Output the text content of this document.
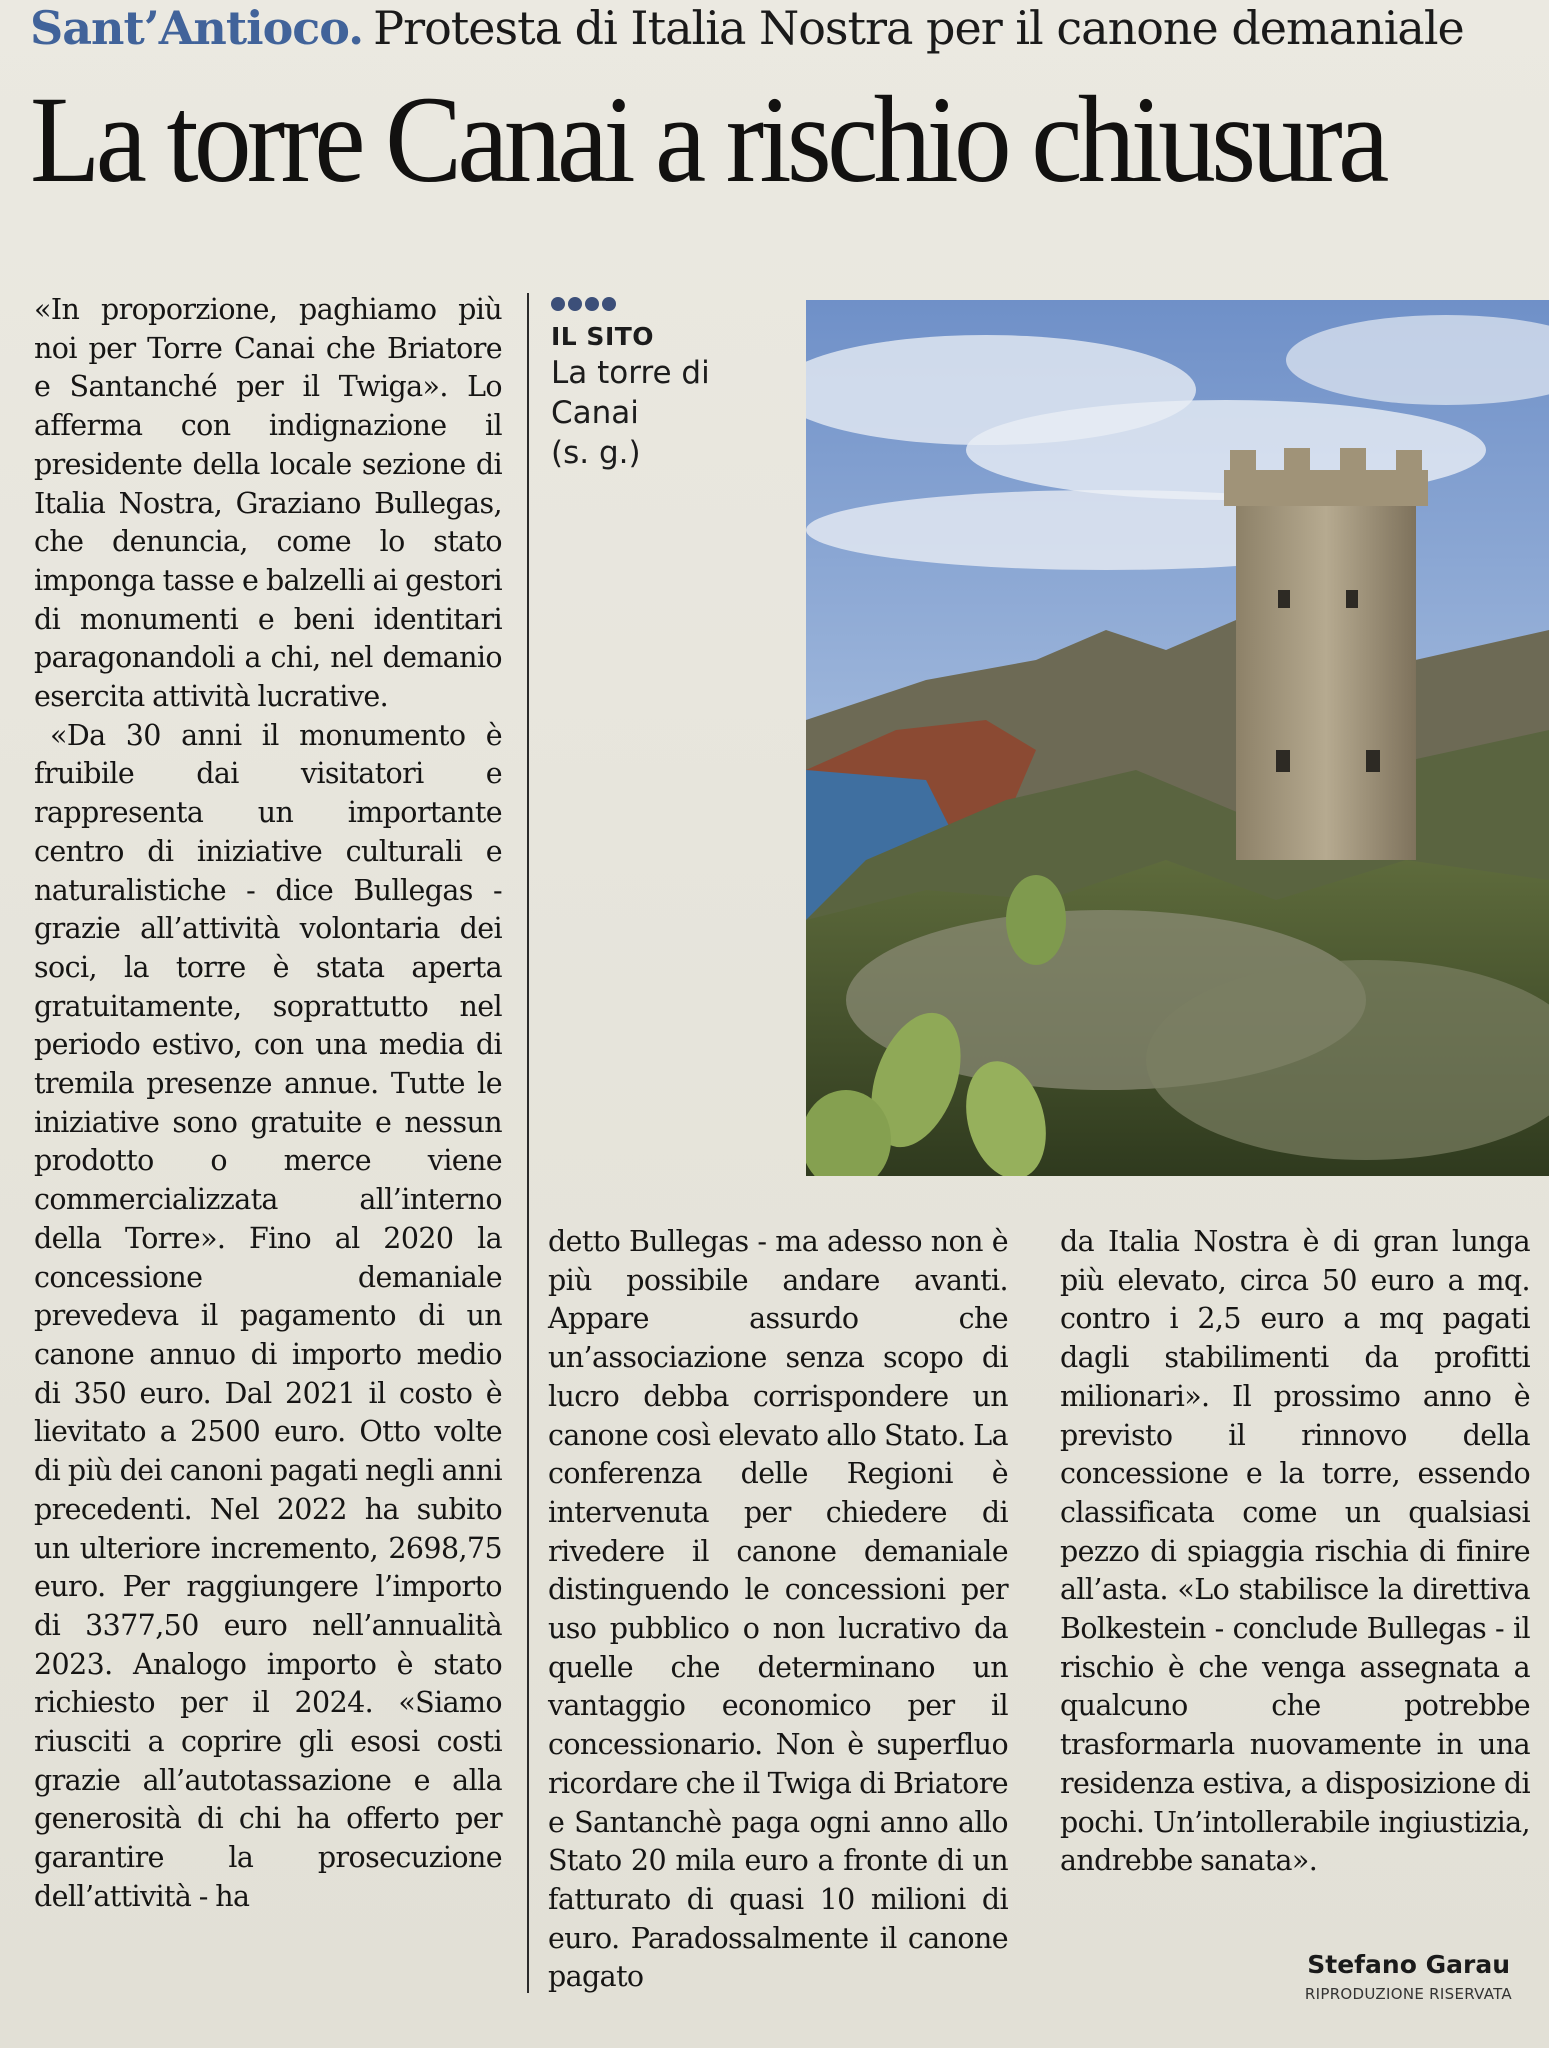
Sant’Antioco. Protesta di Italia Nostra per il canone demaniale
La torre Canai a rischio chiusura

«In proporzione, paghiamo più noi per Torre Canai che Briatore e Santanché per il Twiga». Lo afferma con indignazione il presidente della locale sezione di Italia Nostra, Graziano Bullegas, che denuncia, come lo stato imponga tasse e balzelli ai gestori di monumenti e beni identitari paragonandoli a chi, nel demanio esercita attività lucrative.

«Da 30 anni il monumento è fruibile dai visitatori e rappresenta un importante centro di iniziative culturali e naturalistiche - dice Bullegas - grazie all’attività volontaria dei soci, la torre è stata aperta gratuitamente, soprattutto nel periodo estivo, con una media di tremila presenze annue. Tutte le iniziative sono gratuite e nessun prodotto o merce viene commercializzata all’interno della Torre». Fino al 2020 la concessione demaniale prevedeva il pagamento di un canone annuo di importo medio di 350 euro. Dal 2021 il costo è lievitato a 2500 euro. Otto volte di più dei canoni pagati negli anni precedenti. Nel 2022 ha subito un ulteriore incremento, 2698,75 euro. Per raggiungere l’importo di 3377,50 euro nell’annualità 2023. Analogo importo è stato richiesto per il 2024. «Siamo riusciti a coprire gli esosi costi grazie all’autotassazione e alla generosità di chi ha offerto per garantire la prosecuzione dell’attività - ha

IL SITO
La torre di
Canai
(s. g.)

detto Bullegas - ma adesso non è più possibile andare avanti. Appare assurdo che un’associazione senza scopo di lucro debba corrispondere un canone così elevato allo Stato. La conferenza delle Regioni è intervenuta per chiedere di rivedere il canone demaniale distinguendo le concessioni per uso pubblico o non lucrativo da quelle che determinano un vantaggio economico per il concessionario. Non è superfluo ricordare che il Twiga di Briatore e Santanchè paga ogni anno allo Stato 20 mila euro a fronte di un fatturato di quasi 10 milioni di euro. Paradossalmente il canone pagato

da Italia Nostra è di gran lunga più elevato, circa 50 euro a mq. contro i 2,5 euro a mq pagati dagli stabilimenti da profitti milionari». Il prossimo anno è previsto il rinnovo della concessione e la torre, essendo classificata come un qualsiasi pezzo di spiaggia rischia di finire all’asta. «Lo stabilisce la direttiva Bolkestein - conclude Bullegas - il rischio è che venga assegnata a qualcuno che potrebbe trasformarla nuovamente in una residenza estiva, a disposizione di pochi. Un’intollerabile ingiustizia, andrebbe sanata».

Stefano Garau
RIPRODUZIONE RISERVATA
